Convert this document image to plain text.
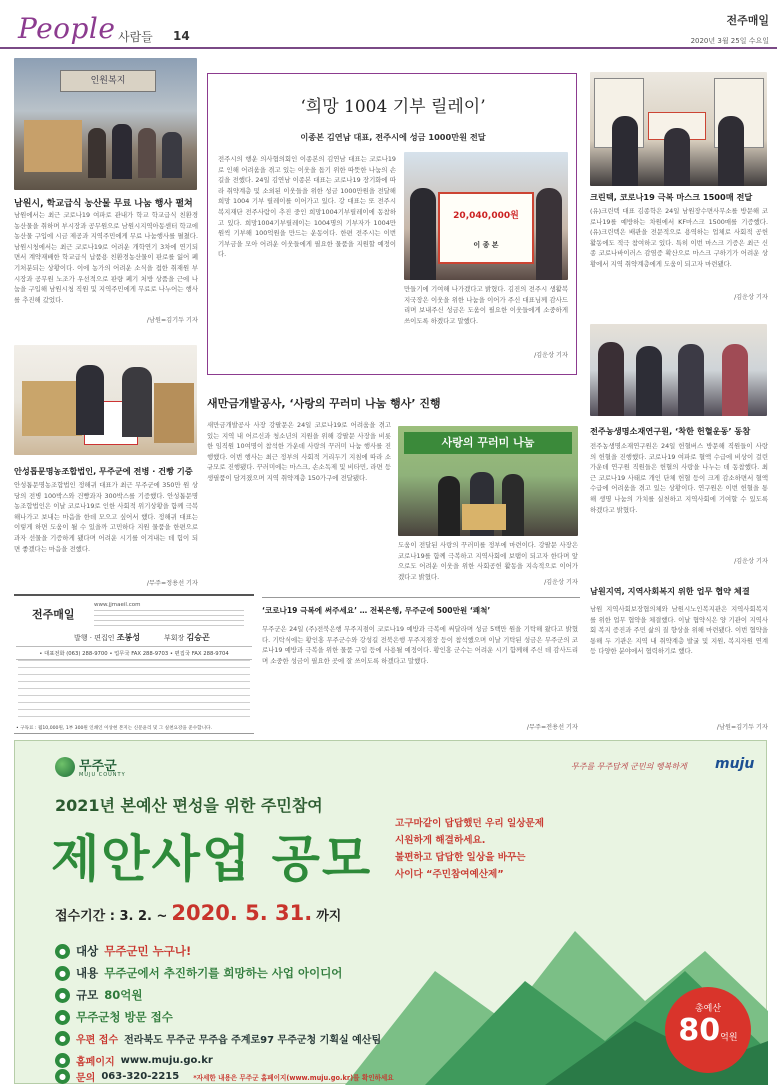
People 사람들 14
전주매일
2020년 3월 25일 수요일
인원복지
남원시, 학교급식 농산물 무료 나눔 행사 펼쳐
남원에서는 최근 코로나19 여파로 관내가 학교 학교급식 친환경 농산물을 취하며 부시장과 공무원으로 남원시지역아동센터 학교에 농산물 구입에 시금 제공과 지역주민에게 무료 나눔행사를 펼쳤다. 남원시청에서는 최근 코로나19로 어려운 개학연기 3차에 연기되면서 계약재배한 학교급식 납품용 친환경농산물이 판로를 잃어 폐기처분되는 상황이다. 이에 농가의 어려운 소식을 접한 취재원 부시장과 공무원 노조가 우선적으로 판량 폐기 처방 상품을 근에 나눔을 구입해 남원시청 직원 및 지역주민에게 무료로 나누어는 행사를 추진해 갔었다.
/남원=김기두 기자
안성톱문명농조합법인, 무주군에 전병 · 건빵 기증
안성톱문명농조합법인 정해귀 대표가 최근 무주군에 350만 원 상당의 전병 100박스와 건빵과자 300박스를 기증했다. 안성톱문명농조합법인은 이날 코로나19로 인한 사회적 위기상황을 함께 극복해나가고 보내는 마음을 한데 모으고 싶어서 했다. 정해귀 대표는 이렇게 하면 도움이 될 수 있을까 고민하다 지원 물품을 한편으로 과자 선물을 기증하게 됐다며 어려운 시기를 이겨내는 데 힘이 되면 좋겠다는 마음을 전했다.
/무주=정용선 기자
전주매일
www.jjmaeil.com
발행 · 편집인 조봉성	부회장 김승곤
• 대표전화 (063) 288-9700 • 업무국 FAX 288-9703 • 편집국 FAX 288-9704
• 구독료 : 월10,000원, 1부 300원 인쇄인 이상현 본지는 신문윤리 및 그 실천요강을 준수합니다.
‘희망 1004 기부 릴레이’
이종본 김연남 대표, 전주시에 성금 1000만원 전달
전주시의 행운 의사협의회인 이종본의 김연남 대표는 코로나19로 인해 어려움을 겪고 있는 이웃을 돕기 위한 따뜻한 나눔의 손길을 전했다. 24일 김연남 이종본 대표는 코로나19 장기화에 따라 취약계층 및 소외된 이웃들을 위한 성금 1000만원을 전달해 희망 1004 기부 릴레이를 이어가고 있다. 강 대표는 또 전주시 복지재단 전주사람이 추진 중인 희망1004기부릴레이에 동참하고 있다. 희망1004기부릴레이는 1004명의 기부자가 1004만원씩 기부해 100억원을 만드는 운동이다. 한편 전주시는 이번 기부금을 모아 어려운 이웃들에게 필요한 물품을 지원할 예정이다.
20,040,000원
이 종 본
만들기에 기여해 나가겠다고 밝혔다. 김진의 전주시 생활복지국장은 이웃을 위한 나눔을 이어가 주신 대표님께 감사드리며 보내주신 성금은 도움이 필요한 이웃들에게 소중하게 쓰이도록 하겠다고 말했다.
/김운상 기자
새만금개발공사, ‘사랑의 꾸러미 나눔 행사’ 진행
새만금개발공사 사장 강팔문은 24일 코로나19로 어려움을 겪고 있는 지역 내 어르신과 청소년의 지원을 위해 강팔문 사장을 비롯한 임직원 10여명이 참석한 가운데 사랑의 꾸러미 나눔 행사를 진행했다. 이번 행사는 최근 정부의 사회적 거리두기 지침에 따라 소규모로 진행됐다. 꾸러미에는 마스크, 손소독제 및 비타민, 라면 등 생필품이 담겨졌으며 지역 취약계층 150가구에 전달됐다.
사랑의 꾸러미 나눔
도움이 전달된 사랑의 꾸러미를 정부에 마련이다. 강팔문 사장은 코로나19를 함께 극복하고 지역사회에 보탬이 되고자 한다며 앞으로도 어려운 이웃을 위한 사회공헌 활동을 지속적으로 이어가겠다고 밝혔다.
/김운상 기자
‘코로나19 극복에 써주세요’ … 전북은행, 무주군에 500만원 ‘쾌척’
무주군은 24일 (주)전북은행 무주지점이 코로나19 예방과 극복에 써달라며 성금 5백만 원을 기탁해 왔다고 밝혔다. 기탁식에는 황인홍 무주군수와 강성길 전북은행 무주지점장 등이 참석했으며 이날 기탁된 성금은 무주군의 코로나19 예방과 극복을 위한 물품 구입 등에 사용될 예정이다. 황인홍 군수는 어려운 시기 함께해 주신 데 감사드리며 소중한 성금이 필요한 곳에 잘 쓰이도록 하겠다고 말했다.
/무주=전용선 기자
크린텍, 코로나19 극복 마스크 1500매 전달
(유)크린텍 대표 김종학은 24일 남원장수면사무소를 방문해 코로나19를 예방하는 차원에서 KF마스크 1500매를 기증했다. (유)크린텍은 배관을 전문적으로 용역하는 업체로 사회적 공헌 활동에도 적극 참여하고 있다. 특히 이번 마스크 기증은 최근 신종 코로나바이러스 감염증 확산으로 마스크 구하기가 어려운 상황에서 지역 취약계층에게 도움이 되고자 마련됐다.
/김운상 기자
전주농생명소재연구원, ‘착한 헌혈운동’ 동참
전주농생명소재연구원은 24일 헌혈버스 방문해 직원들이 사랑의 헌혈을 진행했다. 코로나19 여파로 혈액 수급에 비상이 걸린 가운데 연구원 직원들은 헌혈의 사랑을 나누는 데 동참했다. 최근 코로나19 사태로 개인 단체 헌혈 등이 크게 감소하면서 혈액 수급에 어려움을 겪고 있는 상황이다. 연구원은 이번 헌혈을 통해 생명 나눔의 가치를 실천하고 지역사회에 기여할 수 있도록 하겠다고 밝혔다.
/김운상 기자
남원지역, 지역사회복지 위한 업무 협약 체결
남원 지역사회보장협의체와 남원시노인복지관은 지역사회복지를 위한 업무 협약을 체결했다. 이날 협약식은 양 기관이 지역사회 복지 증진과 주민 삶의 질 향상을 위해 마련됐다. 이번 협약을 통해 두 기관은 지역 내 취약계층 발굴 및 지원, 복지자원 연계 등 다양한 분야에서 협력하기로 했다.
/남원=김기두 기자
무주군
MUJU COUNTY
무주를 무주답게 군민의 행복하게 muju
2021년 본예산 편성을 위한 주민참여
제안사업 공모
고구마같이 답답했던 우리 일상문제
시원하게 해결하세요.
불편하고 답답한 일상을 바꾸는
사이다 “주민참여예산제”
접수기간 : 3. 2. ~ 2020. 5. 31. 까지
● 대상 무주군민 누구나!
● 내용 무주군에서 추진하기를 희망하는 사업 아이디어
● 규모 80억원
● 무주군청 방문 접수
●	우편 접수 전라북도 무주군 무주읍 주계로97 무주군청 기획실 예산팀
●	홈페이지 www.muju.go.kr
●	문의 063-320-2215 *자세한 내용은 무주군 홈페이지(www.muju.go.kr)를 확인하세요
총예산
80억원
